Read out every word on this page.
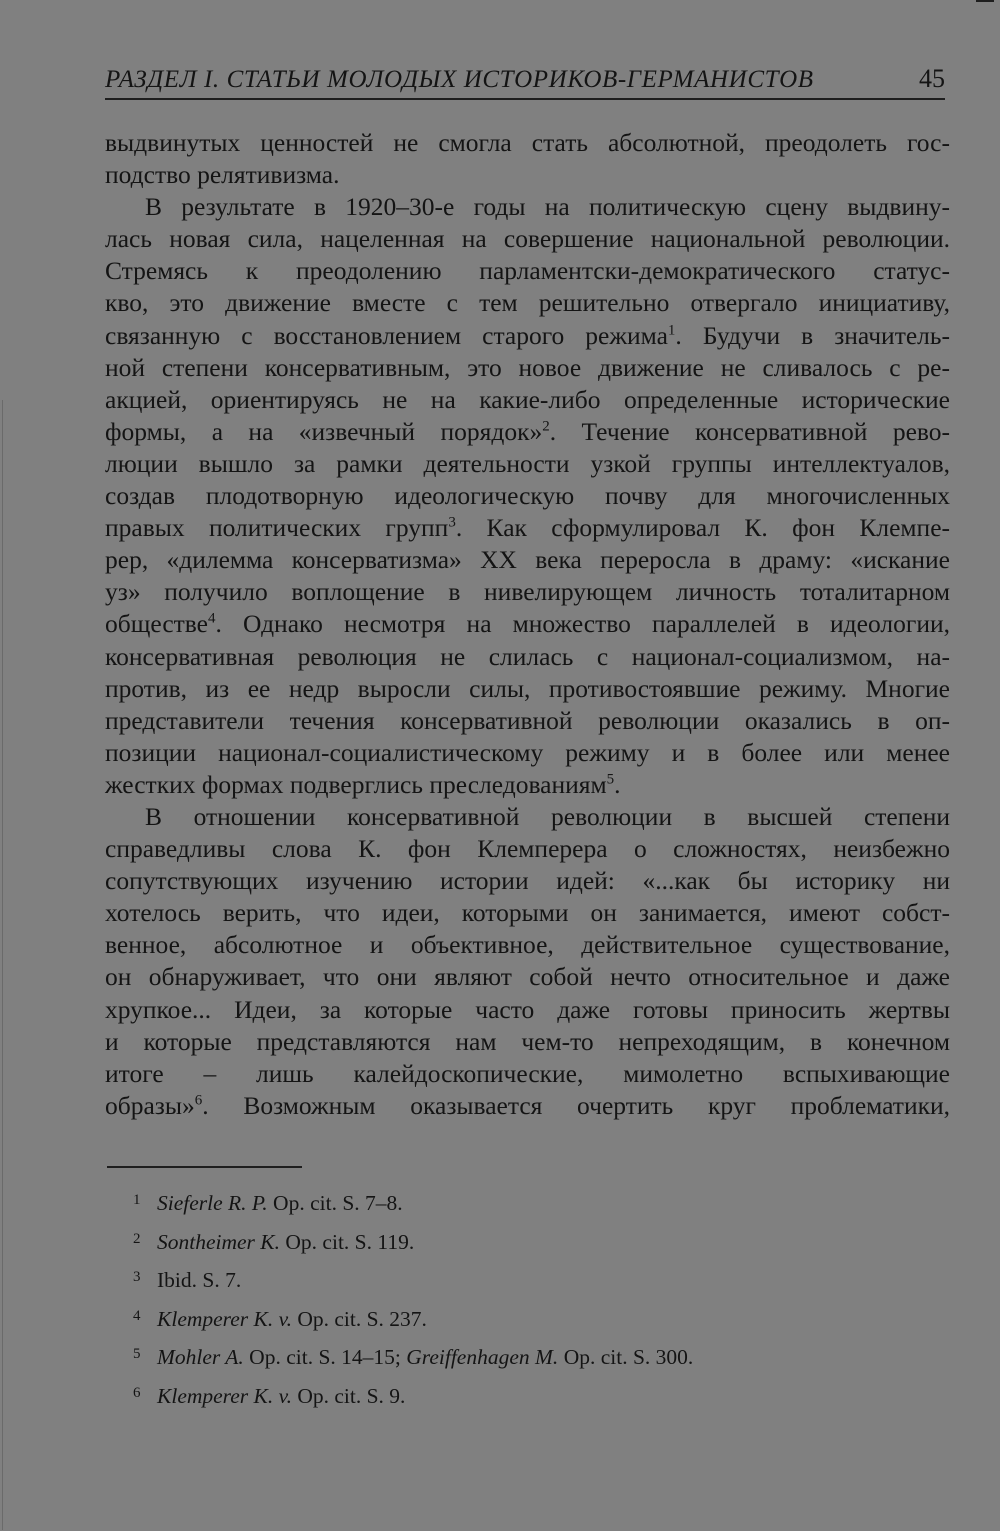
РАЗДЕЛ I. СТАТЬИ МОЛОДЫХ ИСТОРИКОВ-ГЕРМАНИСТОВ	45
выдвинутых ценностей не смогла стать абсолютной, преодолеть гос-
подство релятивизма.
В результате в 1920–30-е годы на политическую сцену выдвину-
лась новая сила, нацеленная на совершение национальной революции.
Стремясь к преодолению парламентски-демократического статус-
кво, это движение вместе с тем решительно отвергало инициативу,
связанную с восстановлением старого режима$^1$. Будучи в значитель-
ной степени консервативным, это новое движение не сливалось с ре-
акцией, ориентируясь не на какие-либо определенные исторические
формы, а на «извечный порядок»$^2$. Течение консервативной рево-
люции вышло за рамки деятельности узкой группы интеллектуалов,
создав плодотворную идеологическую почву для многочисленных
правых политических групп$^3$. Как сформулировал К. фон Клемпе-
рер, «дилемма консерватизма» XX века переросла в драму: «искание
уз» получило воплощение в нивелирующем личность тоталитарном
обществе$^4$. Однако несмотря на множество параллелей в идеологии,
консервативная революция не слилась с национал-социализмом, на-
против, из ее недр выросли силы, противостоявшие режиму. Многие
представители течения консервативной революции оказались в оп-
позиции национал-социалистическому режиму и в более или менее
жестких формах подверглись преследованиям$^5$.
В отношении консервативной революции в высшей степени
справедливы слова К. фон Клемперера о сложностях, неизбежно
сопутствующих изучению истории идей: «...как бы историку ни
хотелось верить, что идеи, которыми он занимается, имеют собст-
венное, абсолютное и объективное, действительное существование,
он обнаруживает, что они являют собой нечто относительное и даже
хрупкое... Идеи, за которые часто даже готовы приносить жертвы
и которые представляются нам чем-то непреходящим, в конечном
итоге – лишь калейдоскопические, мимолетно вспыхивающие
образы»$^6$. Возможным оказывается очертить круг проблематики,
1 Sieferle R. P. Op. cit. S. 7–8.
2 Sontheimer K. Op. cit. S. 119.
3 Ibid. S. 7.
4 Klemperer K. v. Op. cit. S. 237.
5 Mohler A. Op. cit. S. 14–15; Greiffenhagen M. Op. cit. S. 300.
6 Klemperer K. v. Op. cit. S. 9.
